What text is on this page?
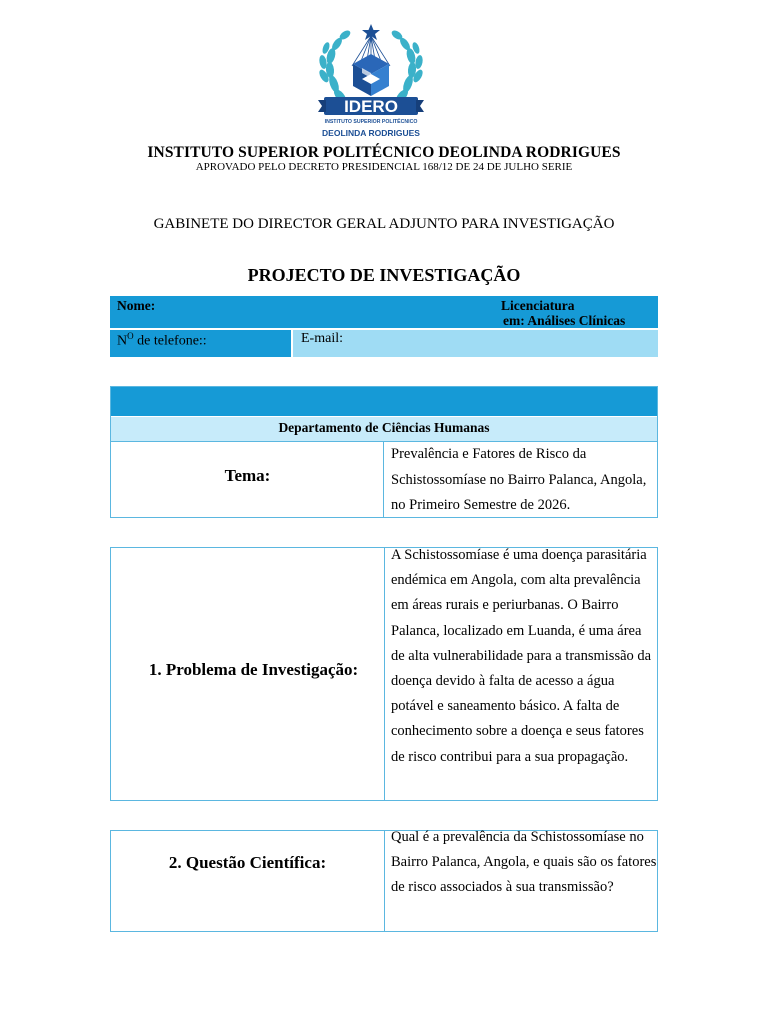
IDERO
INSTITUTO SUPERIOR POLITÉCNICO
DEOLINDA RODRIGUES
INSTITUTO SUPERIOR POLITÉCNICO DEOLINDA RODRIGUES
APROVADO PELO DECRETO PRESIDENCIAL 168/12 DE 24 DE JULHO SERIE
GABINETE DO DIRECTOR GERAL ADJUNTO PARA INVESTIGAÇÃO
PROJECTO DE INVESTIGAÇÃO
Nome:	Licenciatura
em: Análises Clínicas
$N^O$ de telefone::	E-mail:
Departamento de Ciências Humanas
Tema:
Prevalência e Fatores de Risco da Schistossomíase no Bairro Palanca, Angola, no Primeiro Semestre de 2026.
1. Problema de Investigação:
A Schistossomíase é uma doença parasitária endémica em Angola, com alta prevalência em áreas rurais e periurbanas. O Bairro Palanca, localizado em Luanda, é uma área de alta vulnerabilidade para a transmissão da doença devido à falta de acesso a água potável e saneamento básico. A falta de conhecimento sobre a doença e seus fatores de risco contribui para a sua propagação.
2. Questão Científica:
Qual é a prevalência da Schistossomíase no Bairro Palanca, Angola, e quais são os fatores de risco associados à sua transmissão?
